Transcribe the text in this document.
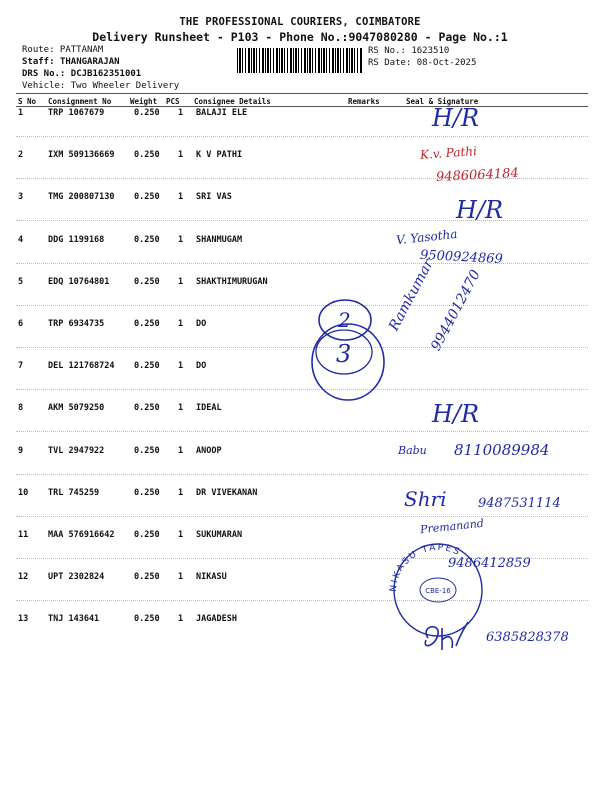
THE PROFESSIONAL COURIERS, COIMBATORE
Delivery Runsheet - P103 - Phone No.:9047080280 - Page No.:1
Route: PATTANAM
Staff: THANGARAJAN
DRS No.: DCJB162351001
Vehicle: Two Wheeler Delivery
RS No.: 1623510
RS Date: 08-Oct-2025
S No Consignment No	Weight PCS Consignee Details	Remarks	Seal & Signature
1	TRP 1067679	0.250 1 BALAJI ELE
2	IXM 509136669 0.250 1 K V PATHI
3	TMG 200807130 0.250 1 SRI VAS
4	DDG 1199168	0.250 1 SHANMUGAM
5	EDQ 10764801	0.250 1 SHAKTHIMURUGAN
6	TRP 6934735	0.250 1 DO
7	DEL 121768724 0.250 1 DO
8	AKM 5079250	0.250 1 IDEAL
9	TVL 2947922	0.250 1 ANOOP
10 TRL 745259	0.250 1 DR VIVEKANAN
11 MAA 576916642 0.250 1 SUKUMARAN
12 UPT 2302824	0.250 1 NIKASU
13 TNJ 143641	0.250 1 JAGADESH
H/R
K.v. Pathi
9486064184
H/R
V. Yasotha
9500924869
2
3
Ramkumar
9944012470
H/R
Babu 8110089984
Shri 9487531114
Premanand
9486412859
NIKASU TAPES
CBE-16
6385828378
